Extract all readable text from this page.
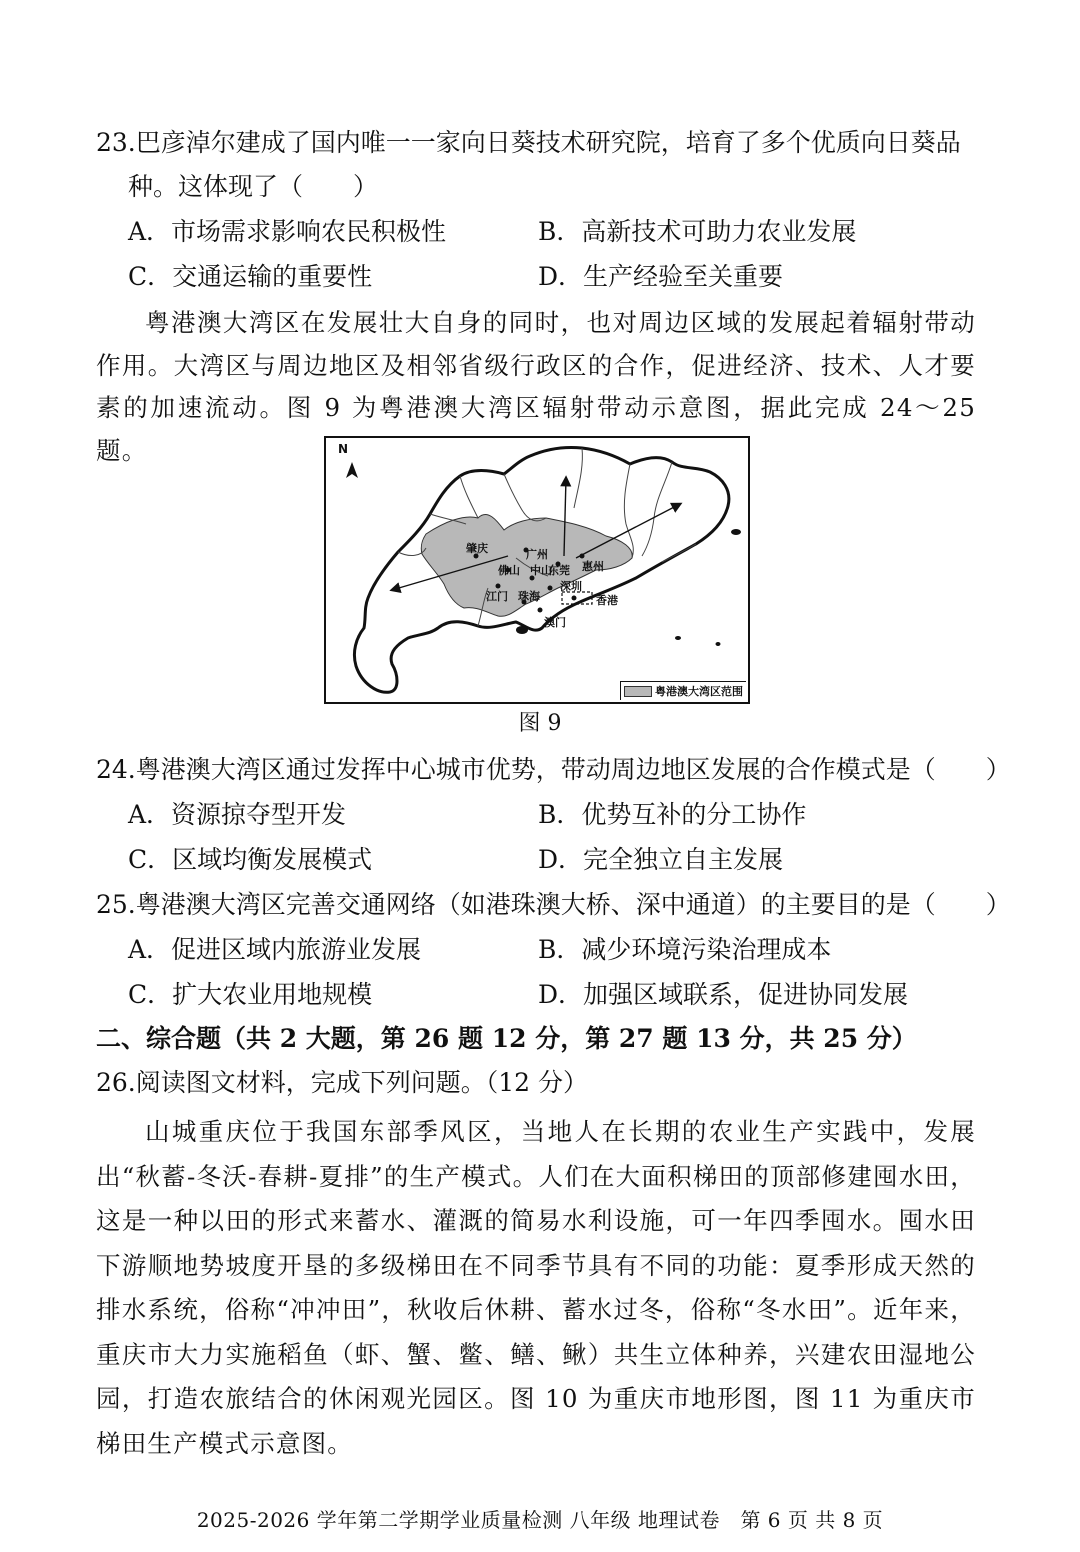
23.巴彦淖尔建成了国内唯一一家向日葵技术研究院，培育了多个优质向日葵品
种。这体现了（　　）
A．市场需求影响农民积极性	B．高新技术可助力农业发展
C．交通运输的重要性	D．生产经验至关重要
粤港澳大湾区在发展壮大自身的同时，也对周边区域的发展起着辐射带动作用。大湾区与周边地区及相邻省级行政区的合作，促进经济、技术、人才要素的加速流动。图 9 为粤港澳大湾区辐射带动示意图，据此完成 24～25 题。	N
肇庆	广州
佛山 中山
东莞 惠州
深圳
江门 珠海	香港
澳门
粤港澳大湾区范围
图 9
24.粤港澳大湾区通过发挥中心城市优势，带动周边地区发展的合作模式是（　　）
A．资源掠夺型开发	B．优势互补的分工协作
C．区域均衡发展模式	D．完全独立自主发展
25.粤港澳大湾区完善交通网络（如港珠澳大桥、深中通道）的主要目的是（　　）
A．促进区域内旅游业发展	B．减少环境污染治理成本
C．扩大农业用地规模	D．加强区域联系，促进协同发展
二、综合题（共 2 大题，第 26 题 12 分，第 27 题 13 分，共 25 分）
26.阅读图文材料，完成下列问题。（12 分）
山城重庆位于我国东部季风区，当地人在长期的农业生产实践中，发展出“秋蓄-冬沃-春耕-夏排”的生产模式。人们在大面积梯田的顶部修建囤水田，这是一种以田的形式来蓄水、灌溉的简易水利设施，可一年四季囤水。囤水田下游顺地势坡度开垦的多级梯田在不同季节具有不同的功能：夏季形成天然的排水系统，俗称“冲冲田”，秋收后休耕、蓄水过冬，俗称“冬水田”。近年来，重庆市大力实施稻鱼（虾、蟹、鳖、鳝、鳅）共生立体种养，兴建农田湿地公园，打造农旅结合的休闲观光园区。图 10 为重庆市地形图，图 11 为重庆市梯田生产模式示意图。
2025-2026 学年第二学期学业质量检测 八年级 地理试卷　第 6 页 共 8 页
